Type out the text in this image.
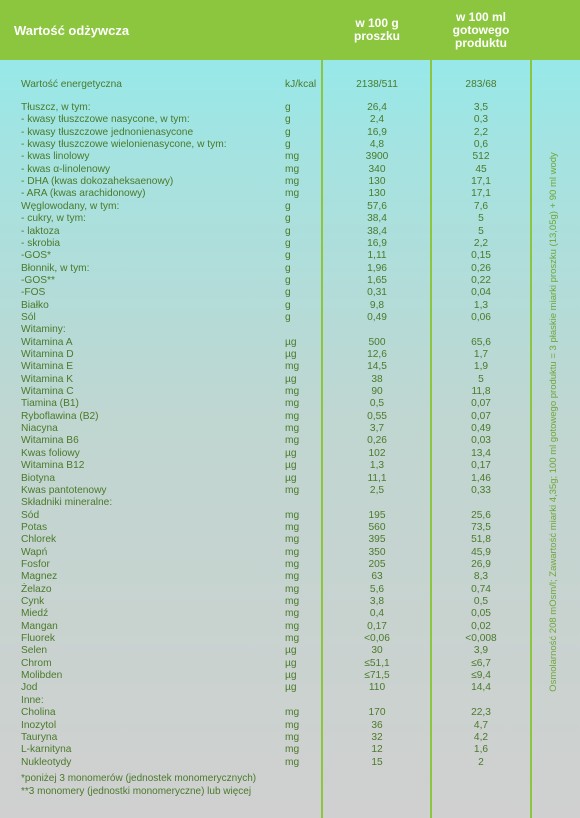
Wartość odżywcza	w 100 g
proszku
w 100 ml
gotowego
produktu
Wartość energetyczna	kJ/kcal	2138/511	283/68
Tłuszcz, w tym:	g	26,4	3,5
- kwasy tłuszczowe nasycone, w tym:	g	2,4	0,3
- kwasy tłuszczowe jednonienasycone	g	16,9	2,2
- kwasy tłuszczowe wielonienasycone, w tym:	g	4,8	0,6
- kwas linolowy	mg	3900	512
- kwas α-linolenowy	mg	340	45
- DHA (kwas dokozaheksaenowy)	mg	130	17,1
- ARA (kwas arachidonowy)	mg	130	17,1
Węglowodany, w tym:	g	57,6	7,6
- cukry, w tym:	g	38,4	5
- laktoza	g	38,4	5
- skrobia	g	16,9	2,2
-GOS*	g	1,11	0,15
Błonnik, w tym:	g	1,96	0,26
-GOS**	g	1,65	0,22
-FOS	g	0,31	0,04
Białko	g	9,8	1,3
Sól	g	0,49	0,06
Witaminy:
Witamina A	µg	500	65,6
Witamina D	µg	12,6	1,7
Witamina E	mg	14,5	1,9
Witamina K	µg	38	5
Witamina C	mg	90	11,8
Tiamina (B1)	mg	0,5	0,07
Ryboflawina (B2)	mg	0,55	0,07
Niacyna	mg	3,7	0,49
Witamina B6	mg	0,26	0,03
Kwas foliowy	µg	102	13,4
Witamina B12	µg	1,3	0,17
Biotyna	µg	11,1	1,46
Kwas pantotenowy	mg	2,5	0,33
Składniki mineralne:
Sód	mg	195	25,6
Potas	mg	560	73,5
Chlorek	mg	395	51,8
Wapń	mg	350	45,9
Fosfor	mg	205	26,9
Magnez	mg	63	8,3
Żelazo	mg	5,6	0,74
Cynk	mg	3,8	0,5
Miedź	mg	0,4	0,05
Mangan	mg	0,17	0,02
Fluorek	mg	<0,06	<0,008
Selen	µg	30	3,9
Chrom	µg	≤51,1	≤6,7
Molibden	µg	≤71,5	≤9,4
Jod	µg	110	14,4
Inne:
Cholina	mg	170	22,3
Inozytol	mg	36	4,7
Tauryna	mg	32	4,2
L-karnityna	mg	12	1,6
Nukleotydy	mg	15	2
*poniżej 3 monomerów (jednostek monomerycznych)
**3 monomery (jednostki monomeryczne) lub więcej
Osmolarność 208 mOsm/l; Zawartość miarki 4,35g; 100 ml gotowego produktu = 3 płaskie miarki proszku (13,05g) + 90 ml wody
